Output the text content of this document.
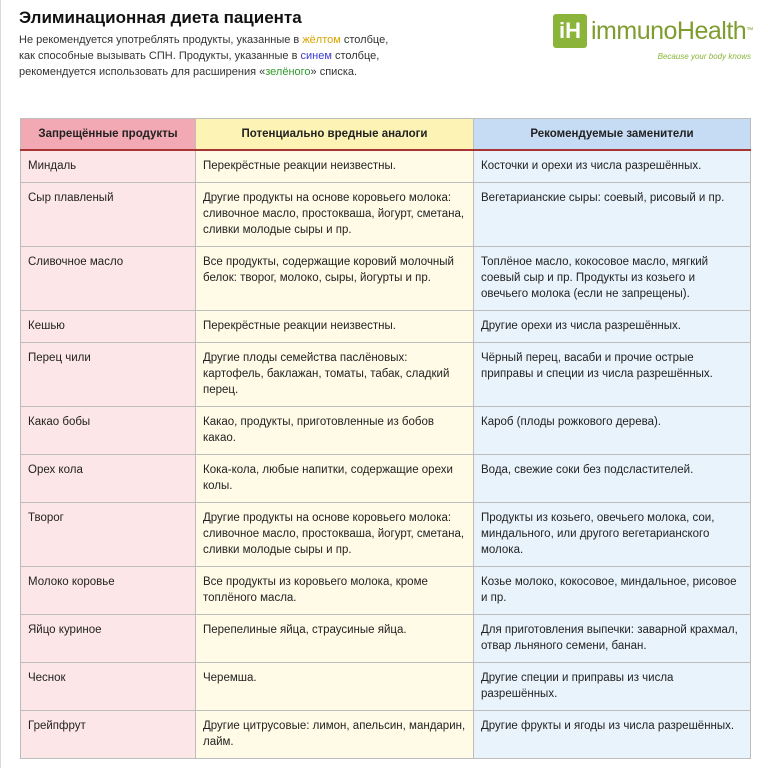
Элиминационная диета пациента
Не рекомендуется употреблять продукты, указанные в жёлтом столбце,
как способные вызывать СПН. Продукты, указанные в синем столбце,
рекомендуется использовать для расширения «зелёного» списка.
iH immunoHealth™
Because your body knows
Запрещённые продукты	Потенциально вредные аналоги	Рекомендуемые заменители
Миндаль	Перекрёстные реакции неизвестны.	Косточки и орехи из числа разрешённых.
Сыр плавленый	Другие продукты на основе коровьего молока: сливочное масло, простокваша, йогурт, сметана, сливки молодые сыры и пр.	Вегетарианские сыры: соевый, рисовый и пр.
Сливочное масло	Все продукты, содержащие коровий молочный белок: творог, молоко, сыры, йогурты и пр.	Топлёное масло, кокосовое масло, мягкий соевый сыр и пр. Продукты из козьего и овечьего молока (если не запрещены).
Кешью	Перекрёстные реакции неизвестны.	Другие орехи из числа разрешённых.
Перец чили	Другие плоды семейства паслёновых: картофель, баклажан, томаты, табак, сладкий перец.	Чёрный перец, васаби и прочие острые приправы и специи из числа разрешённых.
Какао бобы	Какао, продукты, приготовленные из бобов какао.	Кароб (плоды рожкового дерева).
Орех кола	Кока-кола, любые напитки, содержащие орехи колы.	Вода, свежие соки без подсластителей.
Творог	Другие продукты на основе коровьего молока: сливочное масло, простокваша, йогурт, сметана, сливки молодые сыры и пр.	Продукты из козьего, овечьего молока, сои, миндального, или другого вегетарианского молока.
Молоко коровье	Все продукты из коровьего молока, кроме топлёного масла.	Козье молоко, кокосовое, миндальное, рисовое и пр.
Яйцо куриное	Перепелиные яйца, страусиные яйца.	Для приготовления выпечки: заварной крахмал, отвар льняного семени, банан.
Чеснок	Черемша.	Другие специи и приправы из числа разрешённых.
Грейпфрут	Другие цитрусовые: лимон, апельсин, мандарин, лайм.	Другие фрукты и ягоды из числа разрешённых.
